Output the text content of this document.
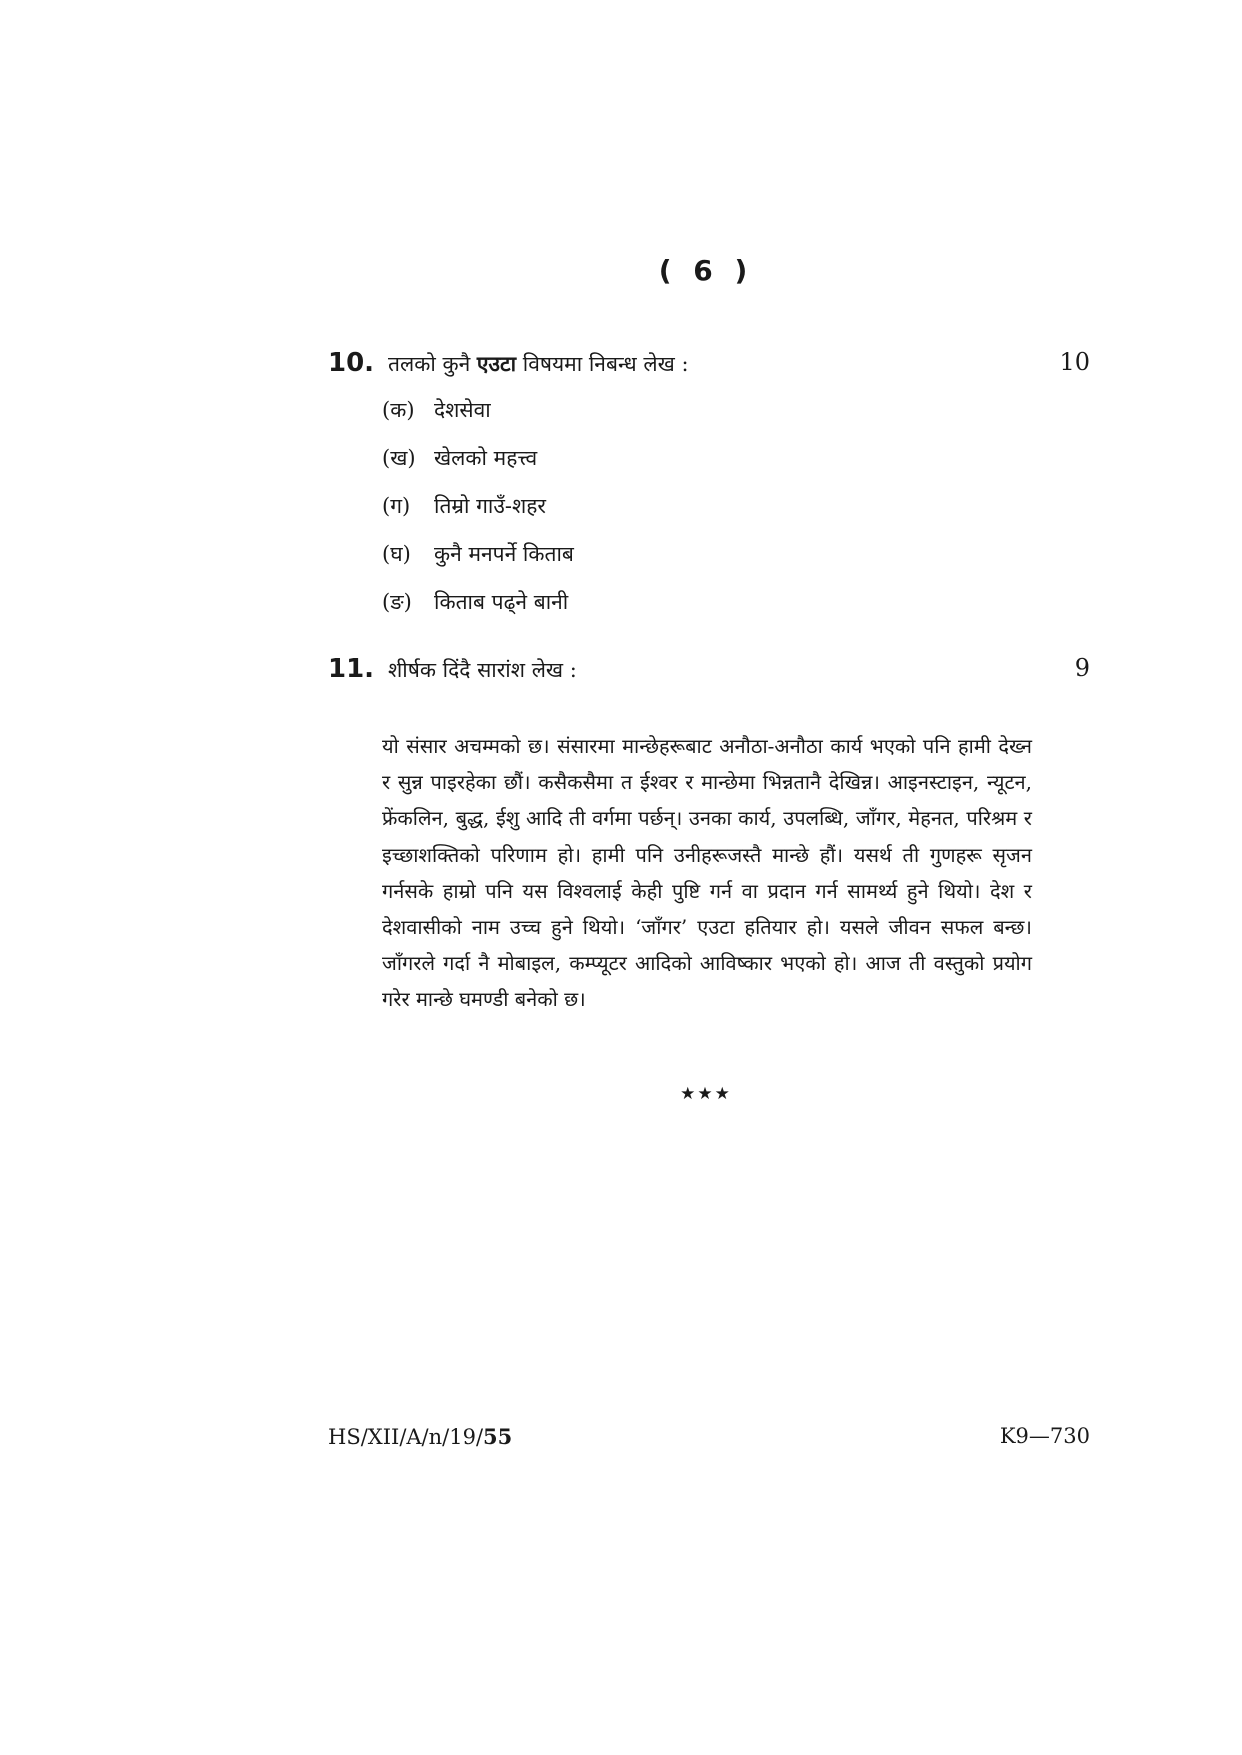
( 6 )
10. तलको कुनै एउटा विषयमा निबन्ध लेख :	10
(क) देशसेवा
(ख) खेलको महत्त्व
(ग) तिम्रो गाउँ-शहर
(घ) कुनै मनपर्ने किताब
(ङ) किताब पढ्ने बानी
11. शीर्षक दिंदै सारांश लेख :	9

यो संसार अचम्मको छ। संसारमा मान्छेहरूबाट अनौठा-अनौठा कार्य भएको पनि हामी देख्न र सुन्न पाइरहेका छौं। कसैकसैमा त ईश्वर र मान्छेमा भिन्नतानै देखिन्न। आइनस्टाइन, न्यूटन, फ्रेंकलिन, बुद्ध, ईशु आदि ती वर्गमा पर्छन्। उनका कार्य, उपलब्धि, जाँगर, मेहनत, परिश्रम र इच्छाशक्तिको परिणाम हो। हामी पनि उनीहरूजस्तै मान्छे हौं। यसर्थ ती गुणहरू सृजन गर्नसके हाम्रो पनि यस विश्वलाई केही पुष्टि गर्न वा प्रदान गर्न सामर्थ्य हुने थियो। देश र देशवासीको नाम उच्च हुने थियो। ‘जाँगर’ एउटा हतियार हो। यसले जीवन सफल बन्छ। जाँगरले गर्दा नै मोबाइल, कम्प्यूटर आदिको आविष्कार भएको हो। आज ती वस्तुको प्रयोग गरेर मान्छे घमण्डी बनेको छ।

★★★
HS/XII/A/n/19/55	K9—730
